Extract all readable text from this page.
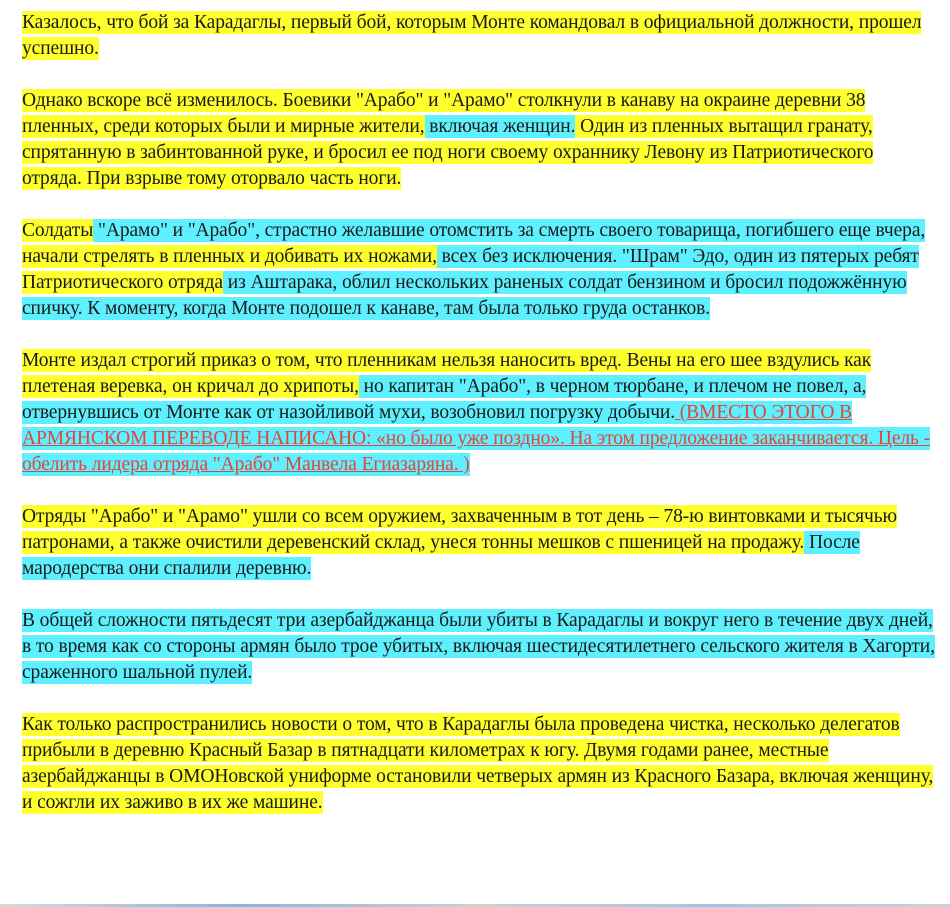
Казалось, что бой за Карадаглы, первый бой, которым Монте командовал в официальной должности, прошел успешно.

Однако вскоре всё изменилось. Боевики "Арабо" и "Арамо" столкнули в канаву на окраине деревни 38 пленных, среди которых были и мирные жители, включая женщин. Один из пленных вытащил гранату, спрятанную в забинтованной руке, и бросил ее под ноги своему охраннику Левону из Патриотического отряда. При взрыве тому оторвало часть ноги.

Солдаты "Арамо" и "Арабо", страстно желавшие отомстить за смерть своего товарища, погибшего еще вчера, начали стрелять в пленных и добивать их ножами, всех без исключения. "Шрам" Эдо, один из пятерых ребят Патриотического отряда из Аштарака, облил нескольких раненых солдат бензином и бросил подожжённую спичку. К моменту, когда Монте подошел к канаве, там была только груда останков.

Монте издал строгий приказ о том, что пленникам нельзя наносить вред. Вены на его шее вздулись как плетеная веревка, он кричал до хрипоты, но капитан "Арабо", в черном тюрбане, и плечом не повел, а, отвернувшись от Монте как от назойливой мухи, возобновил погрузку добычи. (ВМЕСТО ЭТОГО В АРМЯНСКОМ ПЕРЕВОДЕ НАПИСАНО: «но было уже поздно». На этом предложение заканчивается. Цель - обелить лидера отряда "Арабо" Манвела Егиазаряна. )

Отряды "Арабо" и "Арамо" ушли со всем оружием, захваченным в тот день – 78-ю винтовками и тысячью патронами, а также очистили деревенский склад, унеся тонны мешков с пшеницей на продажу. После мародерства они спалили деревню.

В общей сложности пятьдесят три азербайджанца были убиты в Карадаглы и вокруг него в течение двух дней, в то время как со стороны армян было трое убитых, включая шестидесятилетнего сельского жителя в Хагорти, сраженного шальной пулей.

Как только распространились новости о том, что в Карадаглы была проведена чистка, несколько делегатов прибыли в деревню Красный Базар в пятнадцати километрах к югу. Двумя годами ранее, местные азербайджанцы в ОМОНовской униформе остановили четверых армян из Красного Базара, включая женщину, и сожгли их заживо в их же машине.
